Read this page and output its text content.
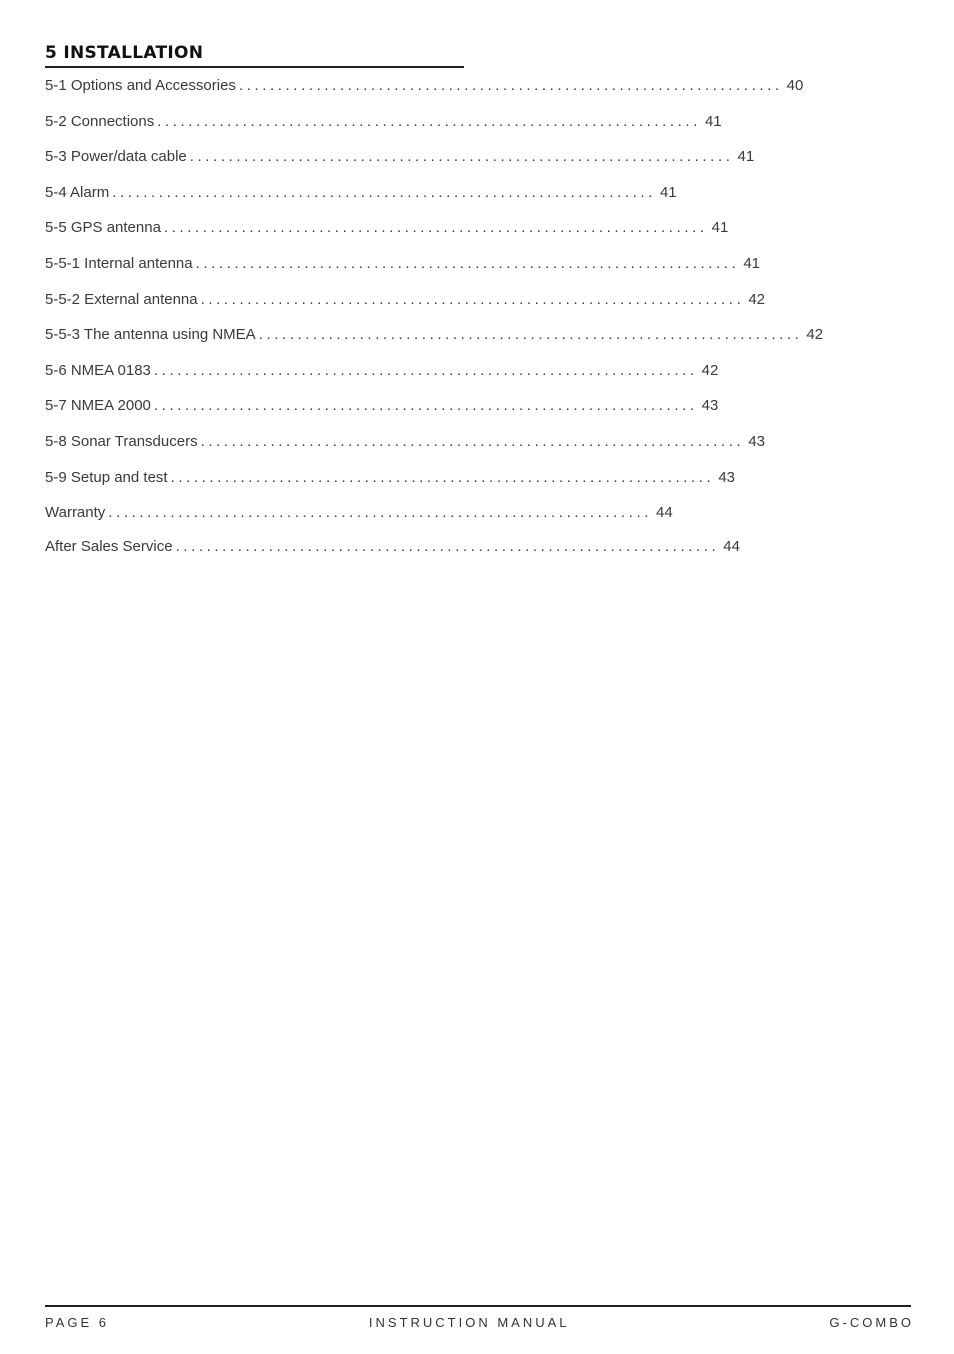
5 INSTALLATION
5-1 Options and Accessories ...................................................................... 40
5-2 Connections ...................................................................... 41
5-3 Power/data cable ...................................................................... 41
5-4 Alarm ...................................................................... 41
5-5 GPS antenna ...................................................................... 41
5-5-1 Internal antenna ...................................................................... 41
5-5-2 External antenna ...................................................................... 42
5-5-3 The antenna using NMEA ...................................................................... 42
5-6 NMEA 0183 ...................................................................... 42
5-7 NMEA 2000 ...................................................................... 43
5-8 Sonar Transducers ...................................................................... 43
5-9 Setup and test ...................................................................... 43
Warranty ...................................................................... 44
After Sales Service ...................................................................... 44
PAGE 6	INSTRUCTION MANUAL	G-COMBO
